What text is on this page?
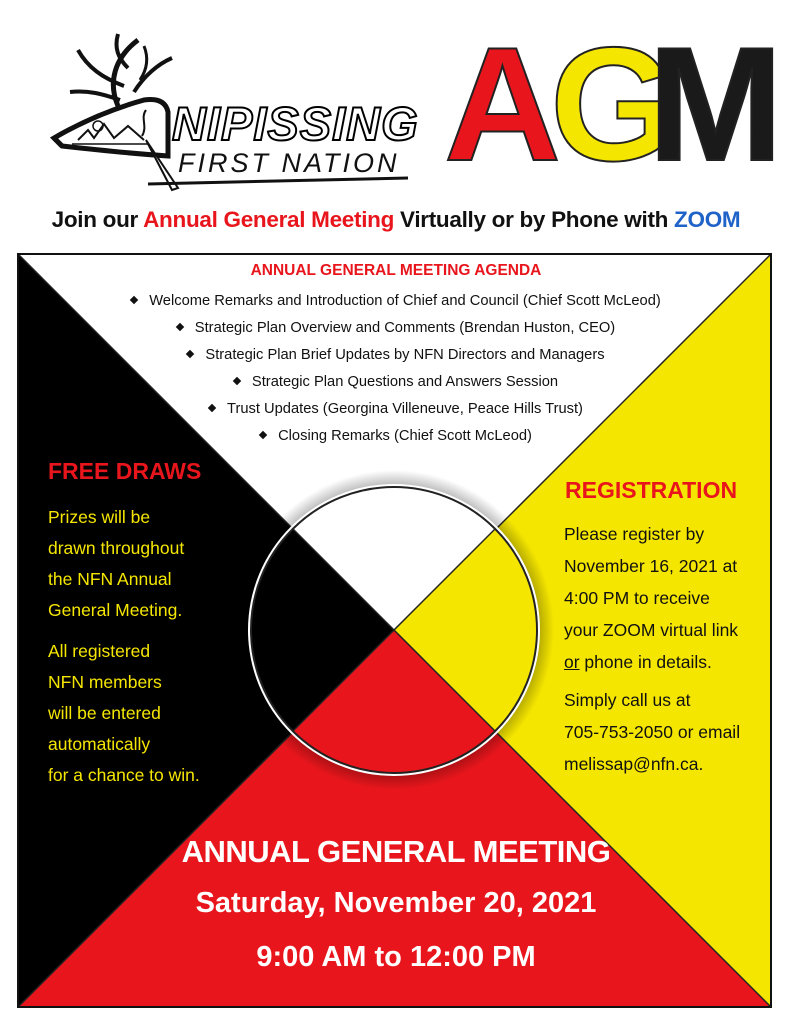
NIPISSING
FIRST NATION A
G
M
Join our Annual General Meeting Virtually or by Phone with ZOOM
ANNUAL GENERAL MEETING AGENDA
Welcome Remarks and Introduction of Chief and Council (Chief Scott McLeod)
Strategic Plan Overview and Comments (Brendan Huston, CEO)
Strategic Plan Brief Updates by NFN Directors and Managers
Strategic Plan Questions and Answers Session
Trust Updates (Georgina Villeneuve, Peace Hills Trust)
Closing Remarks (Chief Scott McLeod)
FREE DRAWS
Prizes will be
drawn throughout
the NFN Annual
General Meeting.
All registered
NFN members
will be entered
automatically
for a chance to win.
REGISTRATION
Please register by
November 16, 2021 at
4:00 PM to receive
your ZOOM virtual link
or phone in details.
Simply call us at
705-753-2050 or email
melissap@nfn.ca.
ANNUAL GENERAL MEETING
Saturday, November 20, 2021
9:00 AM to 12:00 PM
